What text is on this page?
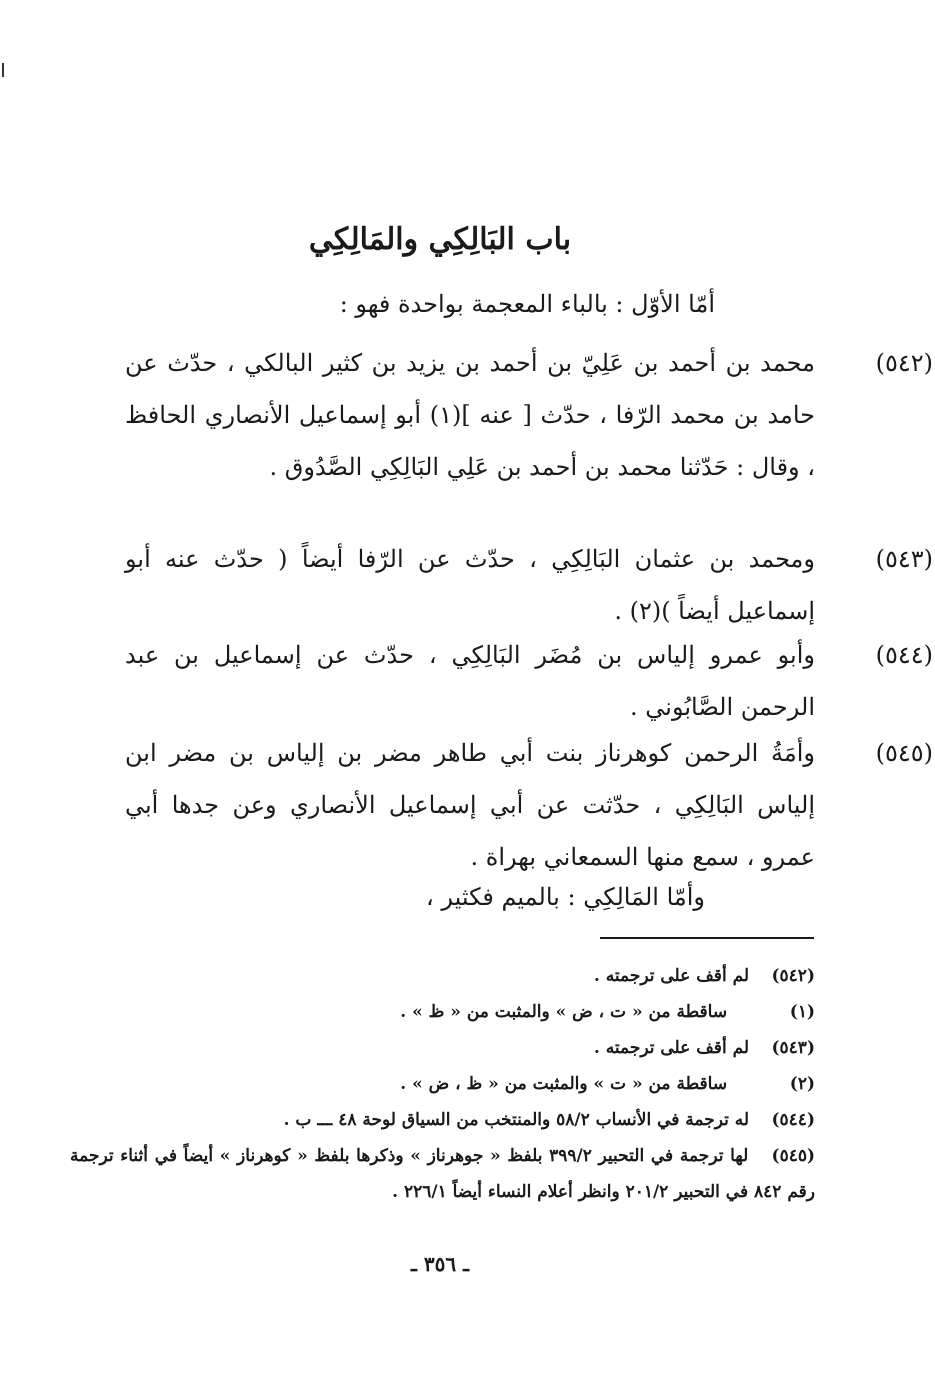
باب البَالِكِي والمَالِكِي
أمّا الأوّل : بالباء المعجمة بواحدة فهو :
(٥٤٢)
محمد بن أحمد بن عَلِيّ بن أحمد بن يزيد بن كثير البالكي ، حدّث عن حامد بن محمد الرّفا ، حدّث [ عنه ](١) أبو إسماعيل الأنصاري الحافظ ، وقال : حَدّثنا محمد بن أحمد بن عَلِي البَالِكِي الصَّدُوق .
(٥٤٣)
ومحمد بن عثمان البَالِكِي ، حدّث عن الرّفا أيضاً ( حدّث عنه أبو إسماعيل أيضاً )(٢) .
(٥٤٤)
وأبو عمرو إلياس بن مُضَر البَالِكِي ، حدّث عن إسماعيل بن عبد الرحمن الصَّابُوني .
(٥٤٥)
وأمَةُ الرحمن كوهرناز بنت أبي طاهر مضر بن إلياس بن مضر ابن إلياس البَالِكِي ، حدّثت عن أبي إسماعيل الأنصاري وعن جدها أبي عمرو ، سمع منها السمعاني بهراة .
وأمّا المَالِكِي : بالميم فكثير ،
(٥٤٢) لم أقف على ترجمته .
(١) ساقطة من « ت ، ض » والمثبت من « ظ » .
(٥٤٣) لم أقف على ترجمته .
(٢) ساقطة من « ت » والمثبت من « ظ ، ض » .
(٥٤٤) له ترجمة في الأنساب ٥٨/٢ والمنتخب من السياق لوحة ٤٨ ـــ ب .
(٥٤٥) لها ترجمة في التحبير ٣٩٩/٢ بلفظ « جوهرناز » وذكرها بلفظ « كوهرناز » أيضاً في أثناء ترجمة رقم ٨٤٢ في التحبير ٢٠١/٢ وانظر أعلام النساء أيضاً ٢٢٦/١ .
ـ ٣٥٦ ـ
